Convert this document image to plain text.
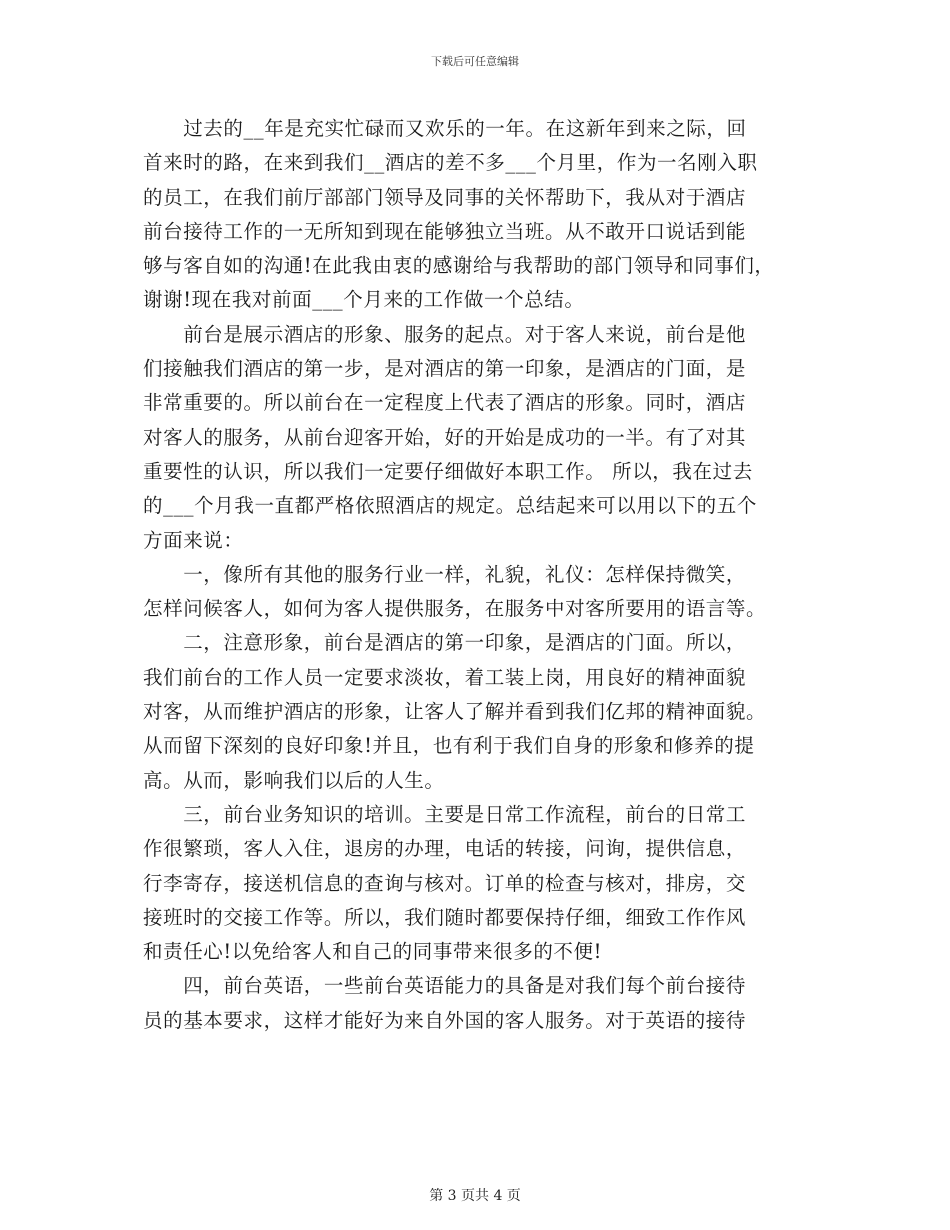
下载后可任意编辑
　　过去的__年是充实忙碌而又欢乐的一年。在这新年到来之际，回
首来时的路，在来到我们__酒店的差不多___个月里，作为一名刚入职
的员工，在我们前厅部部门领导及同事的关怀帮助下，我从对于酒店
前台接待工作的一无所知到现在能够独立当班。从不敢开口说话到能
够与客自如的沟通!在此我由衷的感谢给与我帮助的部门领导和同事们，
谢谢!现在我对前面___个月来的工作做一个总结。
　　前台是展示酒店的形象、服务的起点。对于客人来说，前台是他
们接触我们酒店的第一步，是对酒店的第一印象，是酒店的门面，是
非常重要的。所以前台在一定程度上代表了酒店的形象。同时，酒店
对客人的服务，从前台迎客开始，好的开始是成功的一半。有了对其
重要性的认识，所以我们一定要仔细做好本职工作。 所以，我在过去
的___个月我一直都严格依照酒店的规定。总结起来可以用以下的五个
方面来说：
　　一，像所有其他的服务行业一样，礼貌，礼仪：怎样保持微笑，
怎样问候客人，如何为客人提供服务，在服务中对客所要用的语言等。
　　二，注意形象，前台是酒店的第一印象，是酒店的门面。所以，
我们前台的工作人员一定要求淡妆，着工装上岗，用良好的精神面貌
对客，从而维护酒店的形象，让客人了解并看到我们亿邦的精神面貌。
从而留下深刻的良好印象!并且，也有利于我们自身的形象和修养的提
高。从而，影响我们以后的人生。
　　三，前台业务知识的培训。主要是日常工作流程，前台的日常工
作很繁琐，客人入住，退房的办理，电话的转接，问询，提供信息，
行李寄存，接送机信息的查询与核对。订单的检查与核对，排房，交
接班时的交接工作等。所以，我们随时都要保持仔细，细致工作作风
和责任心!以免给客人和自己的同事带来很多的不便!
　　四，前台英语，一些前台英语能力的具备是对我们每个前台接待
员的基本要求，这样才能好为来自外国的客人服务。对于英语的接待
第 3 页共 4 页
